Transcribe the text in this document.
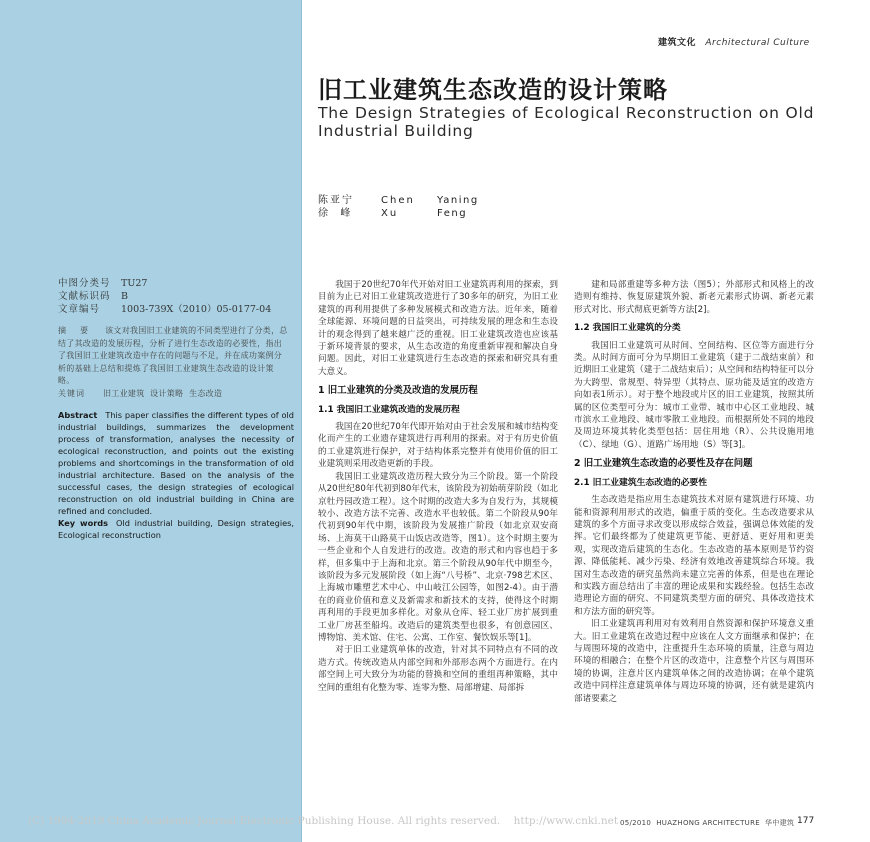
建筑文化 Architectural Culture
旧工业建筑生态改造的设计策略
The Design Strategies of Ecological Reconstruction on Old Industrial Building
陈亚宁	Chen	Yaning
徐  峰	Xu	Feng
中图分类号 TU27
文献标识码 B
文章编号 1003-739X（2010）05-0177-04
摘  要 该文对我国旧工业建筑的不同类型进行了分类，总结了其改造的发展历程，分析了进行生态改造的必要性，指出了我国旧工业建筑改造中存在的问题与不足，并在成功案例分析的基础上总结和提炼了我国旧工业建筑生态改造的设计策略。
关键词 旧工业建筑  设计策略  生态改造
Abstract This paper classifies the different types of old industrial buildings, summarizes the development process of transformation, analyses the necessity of ecological reconstruction, and points out the existing problems and shortcomings in the transformation of old industrial architecture. Based on the analysis of the successful cases, the design strategies of ecological reconstruction on old industrial building in China are refined and concluded.
Key words Old industrial building, Design strategies, Ecological reconstruction

我国于20世纪70年代开始对旧工业建筑再利用的探索，到目前为止已对旧工业建筑改造进行了30多年的研究，为旧工业建筑的再利用提供了多种发展模式和改造方法。近年来，随着全球能源、环境问题的日益突出，可持续发展的理念和生态设计的观念得到了越来越广泛的重视。旧工业建筑改造也应该基于新环境背景的要求，从生态改造的角度重新审视和解决自身问题。因此，对旧工业建筑进行生态改造的探索和研究具有重大意义。

1 旧工业建筑的分类及改造的发展历程
1.1 我国旧工业建筑改造的发展历程

我国在20世纪70年代即开始对由于社会发展和城市结构变化而产生的工业遗存建筑进行再利用的探索。对于有历史价值的工业建筑进行保护，对于结构体系完整并有使用价值的旧工业建筑则采用改造更新的手段。

我国旧工业建筑改造历程大致分为三个阶段。第一个阶段从20世纪80年代初到80年代末，该阶段为初始萌芽阶段（如北京牡丹园改造工程）。这个时期的改造大多为自发行为，其规模较小、改造方法不完善、改造水平也较低。第二个阶段从90年代初到90年代中期，该阶段为发展推广阶段（如北京双安商场、上海莫干山路莫干山饭店改造等，图1）。这个时期主要为一些企业和个人自发进行的改造。改造的形式和内容也趋于多样，但多集中于上海和北京。第三个阶段从90年代中期至今，该阶段为多元发展阶段（如上海“八号桥”、北京·798艺术区、上海城市雕塑艺术中心、中山岐江公园等，如图2-4）。由于潜在的商业价值和意义及新需求和新技术的支持，使得这个时期再利用的手段更加多样化。对象从仓库、轻工业厂房扩展到重工业厂房甚至船坞。改造后的建筑类型也很多，有创意园区、博物馆、美术馆、住宅、公寓、工作室、餐饮娱乐等[1]。

对于旧工业建筑单体的改造，针对其不同特点有不同的改造方式。传统改造从内部空间和外部形态两个方面进行。在内部空间上可大致分为功能的替换和空间的重组再种策略，其中空间的重组有化整为零、连零为整、局部增建、局部拆

建和局部重建等多种方法（图5）；外部形式和风格上的改造则有维持、恢复原建筑外貌、新老元素形式协调、新老元素形式对比、形式彻底更新等方法[2]。

1.2 我国旧工业建筑的分类

我国旧工业建筑可从时间、空间结构、区位等方面进行分类。从时间方面可分为早期旧工业建筑（建于二战结束前）和近期旧工业建筑（建于二战结束后）；从空间和结构特征可以分为大跨型、常规型、特异型（其特点、原功能及适宜的改造方向如表1所示）。对于整个地段或片区的旧工业建筑，按照其所属的区位类型可分为：城市工业带、城市中心区工业地段、城市滨水工业地段、城市零散工业地段。而根据所处不同的地段及周边环境其转化类型包括：居住用地（R）、公共设施用地（C）、绿地（G）、道路广场用地（S）等[3]。

2 旧工业建筑生态改造的必要性及存在问题
2.1 旧工业建筑生态改造的必要性

生态改造是指应用生态建筑技术对原有建筑进行环境、功能和资源利用形式的改造，偏重于质的变化。生态改造要求从建筑的多个方面寻求改变以形成综合效益，强调总体效能的发挥。它们最终都为了使建筑更节能、更舒适、更好用和更美观，实现改造后建筑的生态化。生态改造的基本原则是节约资源、降低能耗、减少污染、经济有效地改善建筑综合环境。我国对生态改造的研究虽然尚未建立完善的体系，但是也在理论和实践方面总结出了丰富的理论成果和实践经验。包括生态改造理论方面的研究、不同建筑类型方面的研究、具体改造技术和方法方面的研究等。

旧工业建筑再利用对有效利用自然资源和保护环境意义重大。旧工业建筑在改造过程中应该在人文方面继承和保护；在与周围环境的改造中，注重提升生态环境的质量，注意与周边环境的相融合；在整个片区的改造中，注意整个片区与周围环境的协调，注意片区内建筑单体之间的改造协调；在单个建筑改造中同样注意建筑单体与周边环境的协调，还有就是建筑内部诸要素之

(C) 1994-2019 China Academic Journal Electronic Publishing House. All rights reserved.    http://www.cnki.net 05/2010  HUAZHONG ARCHITECTURE  华中建筑 177
